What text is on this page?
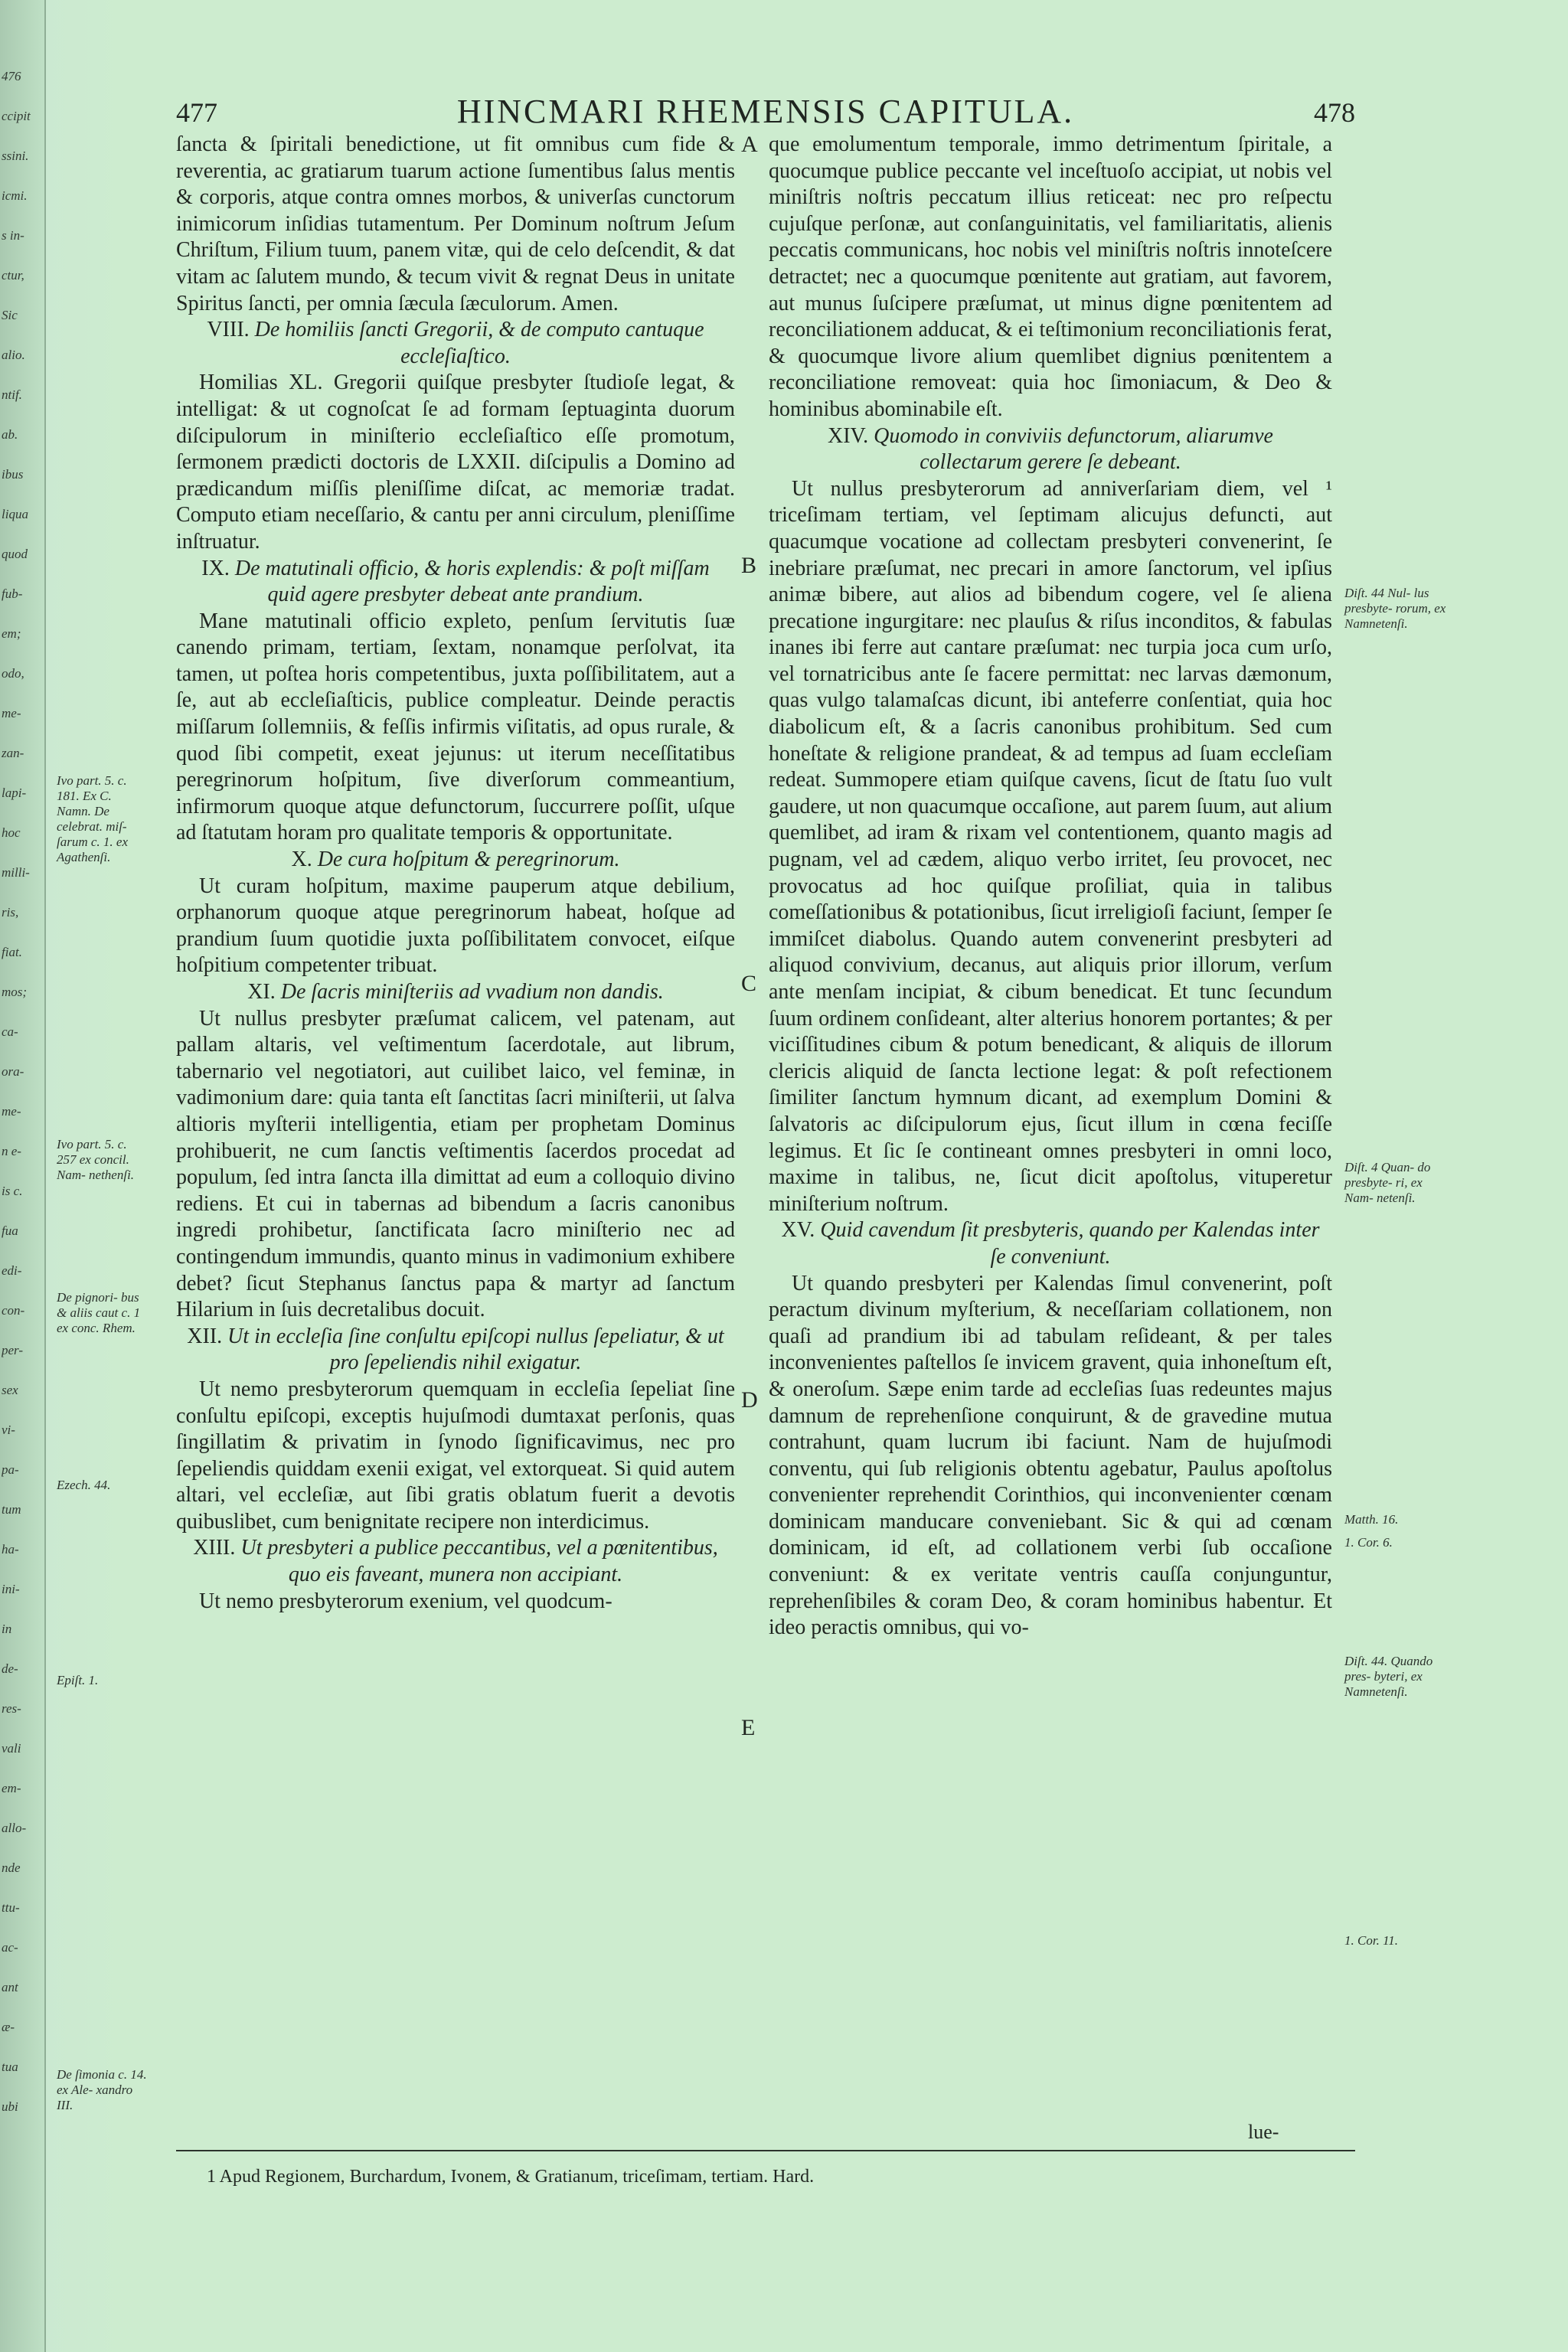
476
ccipit
ssini.
icmi.
s in-
ctur,
Sic
alio.
ntif.
ab.
ibus
liqua
quod
fub-
em;
odo,
me-
zan-
lapi-
hoc
milli-
ris,
fiat.
mos;
ca-
ora-
me-
n e-
is c.
fua
edi-
con-
per-
sex
vi-
pa-
tum
ha-
ini-
in
de-
res-
vali
em-
allo-
nde
ttu-
ac-
ant
æ-
tua
ubi
477	HINCMARI RHEMENSIS CAPITULA.	478

ſancta & ſpiritali benedictione, ut fit omnibus cum fide & reverentia, ac gratiarum tuarum actione ſumentibus ſalus mentis & corporis, atque contra omnes morbos, & univerſas cunctorum inimicorum inſidias tutamentum. Per Dominum noſtrum Jeſum Chriſtum, Filium tuum, panem vitæ, qui de celo deſcendit, & dat vitam ac ſalutem mundo, & tecum vivit & regnat Deus in unitate Spiritus ſancti, per omnia ſæcula ſæculorum. Amen.

VIII. De homiliis ſancti Gregorii, & de computo cantuque eccleſiaſtico.

Homilias XL. Gregorii quiſque presbyter ſtudioſe legat, & intelligat: & ut cognoſcat ſe ad formam ſeptuaginta duorum diſcipulorum in miniſterio eccleſiaſtico eſſe promotum, ſermonem prædicti doctoris de LXXII. diſcipulis a Domino ad prædicandum miſſis pleniſſime diſcat, ac memoriæ tradat. Computo etiam neceſſario, & cantu per anni circulum, pleniſſime inſtruatur.

IX. De matutinali officio, & horis explendis: & poſt miſſam quid agere presbyter debeat ante prandium.

Mane matutinali officio expleto, penſum ſervitutis ſuæ canendo primam, tertiam, ſextam, nonamque perſolvat, ita tamen, ut poſtea horis competentibus, juxta poſſibilitatem, aut a ſe, aut ab eccleſiaſticis, publice compleatur. Deinde peractis miſſarum ſollemniis, & feſſis infirmis viſitatis, ad opus rurale, & quod ſibi competit, exeat jejunus: ut iterum neceſſitatibus peregrinorum hoſpitum, ſive diverſorum commeantium, infirmorum quoque atque defunctorum, ſuccurrere poſſit, uſque ad ſtatutam horam pro qualitate temporis & opportunitate.

X. De cura hoſpitum & peregrinorum.

Ut curam hoſpitum, maxime pauperum atque debilium, orphanorum quoque atque peregrinorum habeat, hoſque ad prandium ſuum quotidie juxta poſſibilitatem convocet, eiſque hoſpitium competenter tribuat.

XI. De ſacris miniſteriis ad vvadium non dandis.

Ut nullus presbyter præſumat calicem, vel patenam, aut pallam altaris, vel veſtimentum ſacerdotale, aut librum, tabernario vel negotiatori, aut cuilibet laico, vel feminæ, in vadimonium dare: quia tanta eſt ſanctitas ſacri miniſterii, ut ſalva altioris myſterii intelligentia, etiam per prophetam Dominus prohibuerit, ne cum ſanctis veſtimentis ſacerdos procedat ad populum, ſed intra ſancta illa dimittat ad eum a colloquio divino rediens. Et cui in tabernas ad bibendum a ſacris canonibus ingredi prohibetur, ſanctificata ſacro miniſterio nec ad contingendum immundis, quanto minus in vadimonium exhibere debet? ſicut Stephanus ſanctus papa & martyr ad ſanctum Hilarium in ſuis decretalibus docuit.

XII. Ut in eccleſia ſine conſultu epiſcopi nullus ſepeliatur, & ut pro ſepeliendis nihil exigatur.

Ut nemo presbyterorum quemquam in eccleſia ſepeliat ſine conſultu epiſcopi, exceptis hujuſmodi dumtaxat perſonis, quas ſingillatim & privatim in ſynodo ſignificavimus, nec pro ſepeliendis quiddam exenii exigat, vel extorqueat. Si quid autem altari, vel eccleſiæ, aut ſibi gratis oblatum fuerit a devotis quibuslibet, cum benignitate recipere non interdicimus.

XIII. Ut presbyteri a publice peccantibus, vel a pœnitentibus, quo eis faveant, munera non accipiant.

Ut nemo presbyterorum exenium, vel quodcum-

que emolumentum temporale, immo detrimentum ſpiritale, a quocumque publice peccante vel inceſtuoſo accipiat, ut nobis vel miniſtris noſtris peccatum illius reticeat: nec pro reſpectu cujuſque perſonæ, aut conſanguinitatis, vel familiaritatis, alienis peccatis communicans, hoc nobis vel miniſtris noſtris innoteſcere detractet; nec a quocumque pœnitente aut gratiam, aut favorem, aut munus ſuſcipere præſumat, ut minus digne pœnitentem ad reconciliationem adducat, & ei teſtimonium reconciliationis ferat, & quocumque livore alium quemlibet dignius pœnitentem a reconciliatione removeat: quia hoc ſimoniacum, & Deo & hominibus abominabile eſt.

XIV. Quomodo in conviviis defunctorum, aliarumve collectarum gerere ſe debeant.

Ut nullus presbyterorum ad anniverſariam diem, vel ¹ triceſimam tertiam, vel ſeptimam alicujus defuncti, aut quacumque vocatione ad collectam presbyteri convenerint, ſe inebriare præſumat, nec precari in amore ſanctorum, vel ipſius animæ bibere, aut alios ad bibendum cogere, vel ſe aliena precatione ingurgitare: nec plauſus & riſus inconditos, & fabulas inanes ibi ferre aut cantare præſumat: nec turpia joca cum urſo, vel tornatricibus ante ſe facere permittat: nec larvas dæmonum, quas vulgo talamaſcas dicunt, ibi anteferre conſentiat, quia hoc diabolicum eſt, & a ſacris canonibus prohibitum. Sed cum honeſtate & religione prandeat, & ad tempus ad ſuam eccleſiam redeat. Summopere etiam quiſque cavens, ſicut de ſtatu ſuo vult gaudere, ut non quacumque occaſione, aut parem ſuum, aut alium quemlibet, ad iram & rixam vel contentionem, quanto magis ad pugnam, vel ad cædem, aliquo verbo irritet, ſeu provocet, nec provocatus ad hoc quiſque proſiliat, quia in talibus comeſſationibus & potationibus, ſicut irreligioſi faciunt, ſemper ſe immiſcet diabolus. Quando autem convenerint presbyteri ad aliquod convivium, decanus, aut aliquis prior illorum, verſum ante menſam incipiat, & cibum benedicat. Et tunc ſecundum ſuum ordinem conſideant, alter alterius honorem portantes; & per viciſſitudines cibum & potum benedicant, & aliquis de illorum clericis aliquid de ſancta lectione legat: & poſt refectionem ſimiliter ſanctum hymnum dicant, ad exemplum Domini & ſalvatoris ac diſcipulorum ejus, ſicut illum in cœna feciſſe legimus. Et ſic ſe contineant omnes presbyteri in omni loco, maxime in talibus, ne, ſicut dicit apoſtolus, vituperetur miniſterium noſtrum.

XV. Quid cavendum ſit presbyteris, quando per Kalendas inter ſe conveniunt.

Ut quando presbyteri per Kalendas ſimul convenerint, poſt peractum divinum myſterium, & neceſſariam collationem, non quaſi ad prandium ibi ad tabulam reſideant, & per tales inconvenientes paſtellos ſe invicem gravent, quia inhoneſtum eſt, & oneroſum. Sæpe enim tarde ad eccleſias ſuas redeuntes majus damnum de reprehenſione conquirunt, & de gravedine mutua contrahunt, quam lucrum ibi faciunt. Nam de hujuſmodi conventu, qui ſub religionis obtentu agebatur, Paulus apoſtolus convenienter reprehendit Corinthios, qui inconvenienter cœnam dominicam manducare conveniebant. Sic & qui ad cœnam dominicam, id eſt, ad collationem verbi ſub occaſione conveniunt: & ex veritate ventris cauſſa conjunguntur, reprehenſibiles & coram Deo, & coram hominibus habentur. Et ideo peractis omnibus, qui vo-

lue-
A
B
C
D
E
Ivo part. 5. c. 181. Ex C. Namn. De celebrat. miſ- ſarum c. 1. ex Agathenſi.
Ivo part. 5. c. 257 ex concil. Nam- nethenſi.
De pignori- bus & aliis caut c. 1 ex conc. Rhem.
Ezech. 44.
Epiſt. 1.
De ſimonia c. 14. ex Ale- xandro III.
Diſt. 44 Nul- lus presbyte- rorum, ex Namnetenſi.
Diſt. 4 Quan- do presbyte- ri, ex Nam- netenſi.
Matth. 16.
1. Cor. 6.
Diſt. 44. Quando pres- byteri, ex Namnetenſi.
1. Cor. 11.
1 Apud Regionem, Burchardum, Ivonem, & Gratianum, triceſimam, tertiam. Hard.
